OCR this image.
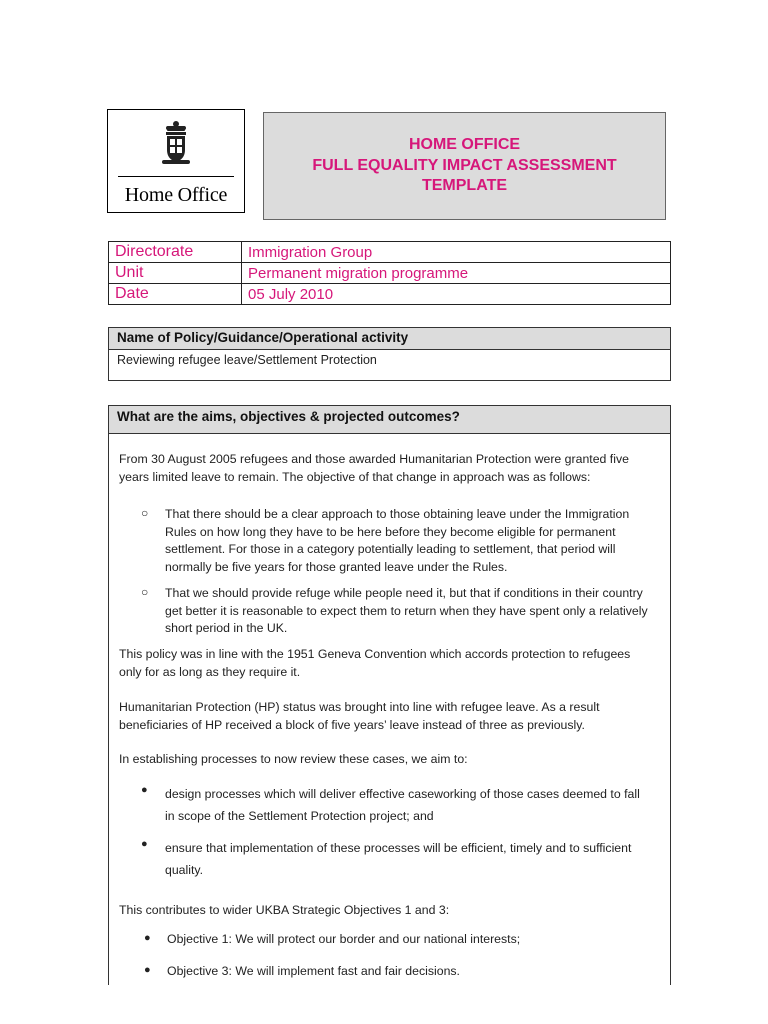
Home Office
HOME OFFICE
FULL EQUALITY IMPACT ASSESSMENT
TEMPLATE
Directorate	Immigration Group
Unit	Permanent migration programme
Date	05 July 2010
Name of Policy/Guidance/Operational activity
Reviewing refugee leave/Settlement Protection
What are the aims, objectives & projected outcomes?
From 30 August 2005 refugees and those awarded Humanitarian Protection were granted five
years limited leave to remain. The objective of that change in approach was as follows:
○ That there should be a clear approach to those obtaining leave under the Immigration
Rules on how long they have to be here before they become eligible for permanent
settlement. For those in a category potentially leading to settlement, that period will
normally be five years for those granted leave under the Rules.
○ That we should provide refuge while people need it, but that if conditions in their country
get better it is reasonable to expect them to return when they have spent only a relatively
short period in the UK.
This policy was in line with the 1951 Geneva Convention which accords protection to refugees
only for as long as they require it.
Humanitarian Protection (HP) status was brought into line with refugee leave. As a result
beneficiaries of HP received a block of five years’ leave instead of three as previously.
In establishing processes to now review these cases, we aim to:
● design processes which will deliver effective caseworking of those cases deemed to fall
in scope of the Settlement Protection project; and
● ensure that implementation of these processes will be efficient, timely and to sufficient
quality.
This contributes to wider UKBA Strategic Objectives 1 and 3:
● Objective 1: We will protect our border and our national interests;
● Objective 3: We will implement fast and fair decisions.
